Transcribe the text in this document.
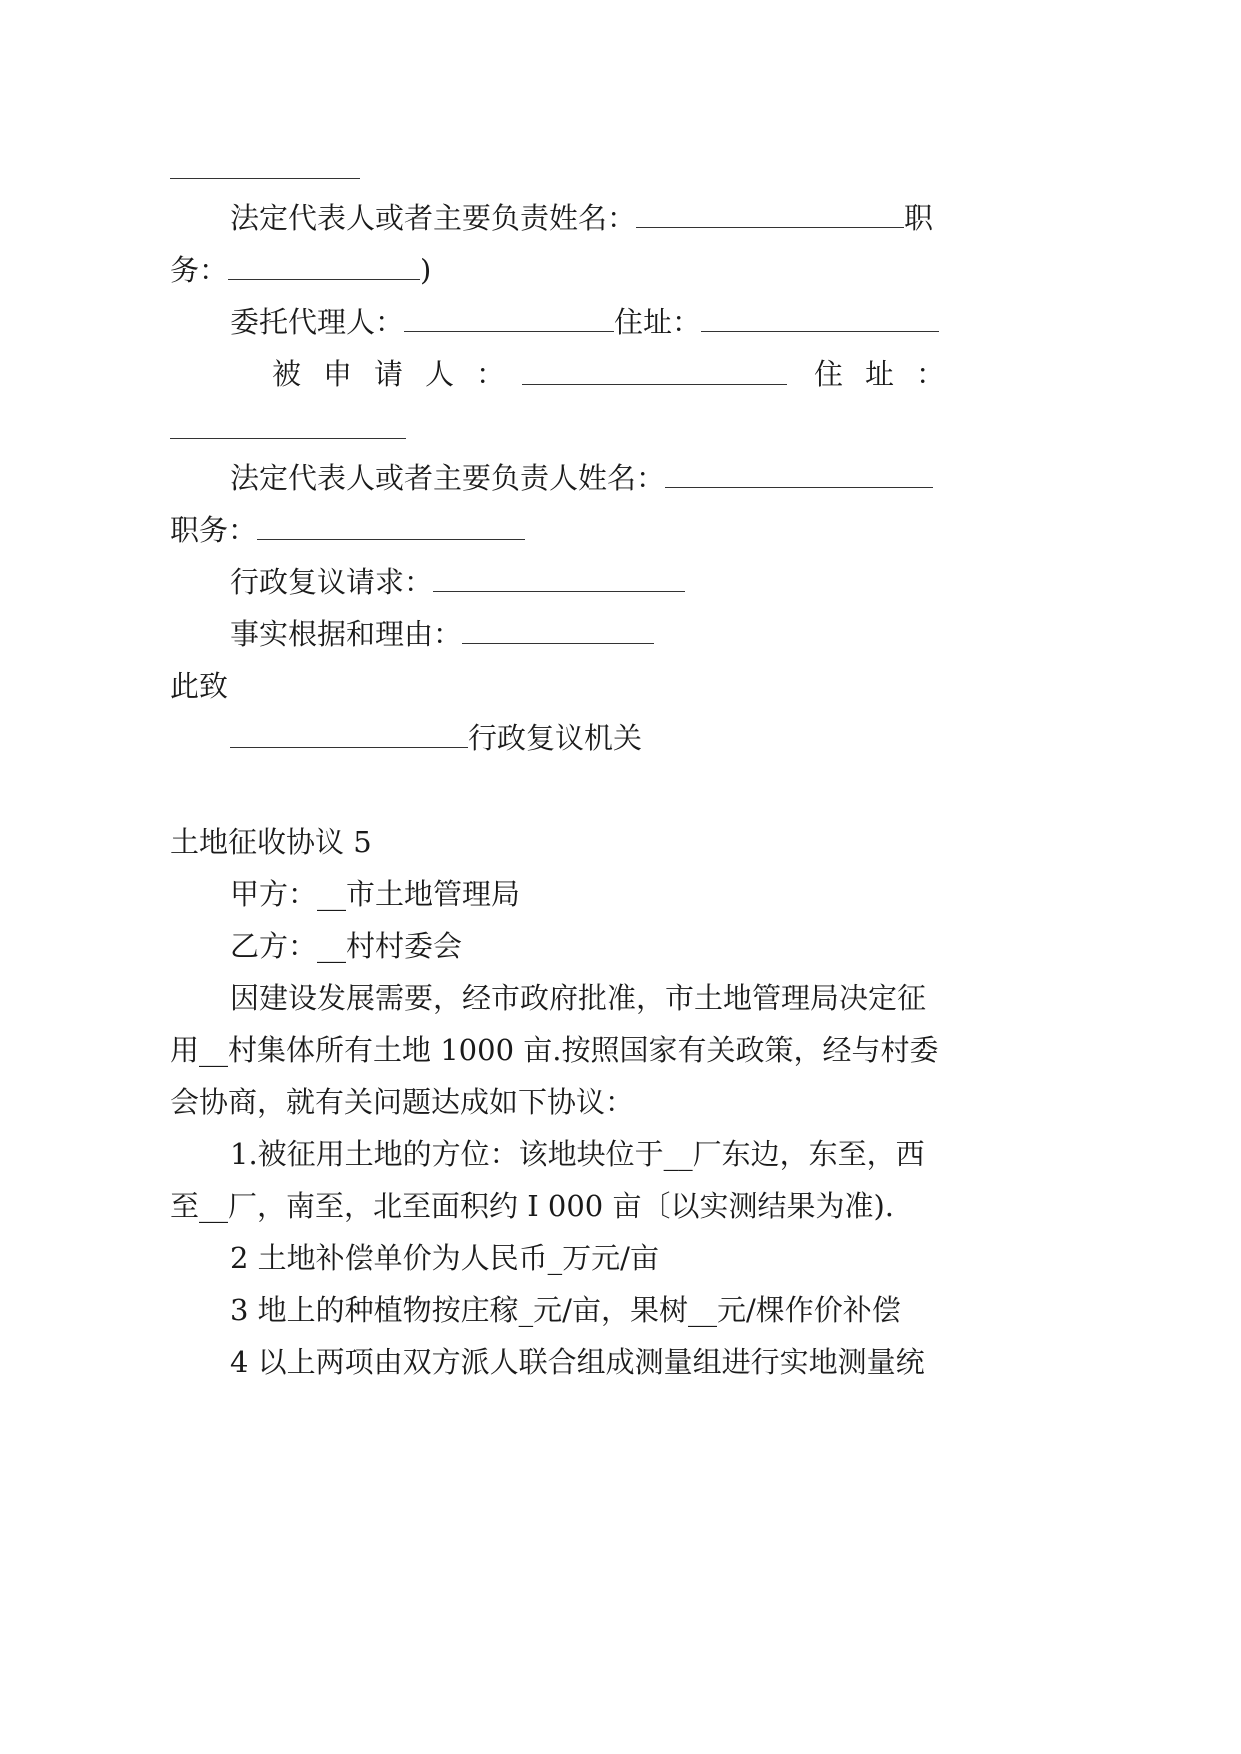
法定代表人或者主要负责姓名：	职
务：	)
委托代理人：	住址：
被申请人：	住址：
法定代表人或者主要负责人姓名：
职务：
行政复议请求：
事实根据和理由：
此致
行政复议机关
土地征收协议 5
甲方：__市土地管理局
乙方：__村村委会
因建设发展需要，经市政府批准，市土地管理局决定征
用__村集体所有土地 1000 亩.按照国家有关政策，经与村委
会协商，就有关问题达成如下协议：
1.被征用土地的方位：该地块位于__厂东边，东至，西
至__厂，南至，北至面积约 I 000 亩〔以实测结果为准).
2 土地补偿单价为人民币_万元/亩
3 地上的种植物按庄稼_元/亩，果树__元/棵作价补偿
4 以上两项由双方派人联合组成测量组进行实地测量统
